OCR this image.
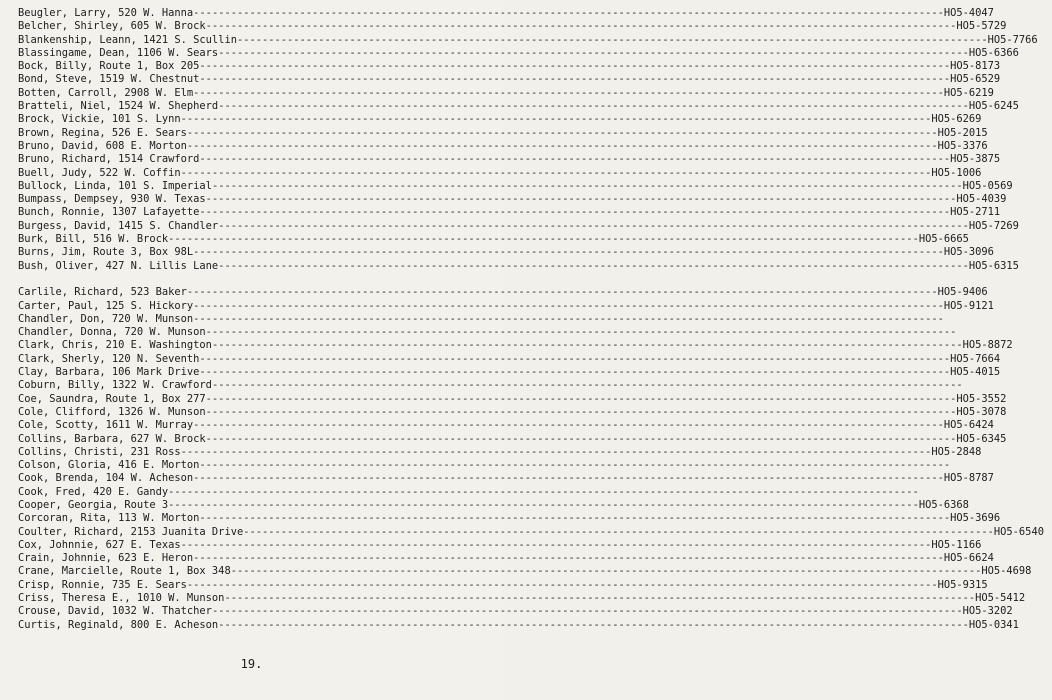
Beugler, Larry, 520 W. Hanna ------------------------------------------------------------------------------------------------------------------------ HO5-4047
Belcher, Shirley, 605 W. Brock ------------------------------------------------------------------------------------------------------------------------ HO5-5729
Blankenship, Leann, 1421 S. Scullin ------------------------------------------------------------------------------------------------------------------------ HO5-7766
Blassingame, Dean, 1106 W. Sears ------------------------------------------------------------------------------------------------------------------------ HO5-6366
Bock, Billy, Route 1, Box 205 ------------------------------------------------------------------------------------------------------------------------ HO5-8173
Bond, Steve, 1519 W. Chestnut ------------------------------------------------------------------------------------------------------------------------ HO5-6529
Botten, Carroll, 2908 W. Elm ------------------------------------------------------------------------------------------------------------------------ HO5-6219
Bratteli, Niel, 1524 W. Shepherd ------------------------------------------------------------------------------------------------------------------------ HO5-6245
Brock, Vickie, 101 S. Lynn ------------------------------------------------------------------------------------------------------------------------ HO5-6269
Brown, Regina, 526 E. Sears ------------------------------------------------------------------------------------------------------------------------ HO5-2015
Bruno, David, 608 E. Morton ------------------------------------------------------------------------------------------------------------------------ HO5-3376
Bruno, Richard, 1514 Crawford ------------------------------------------------------------------------------------------------------------------------ HO5-3875
Buell, Judy, 522 W. Coffin ------------------------------------------------------------------------------------------------------------------------ HO5-1006
Bullock, Linda, 101 S. Imperial ------------------------------------------------------------------------------------------------------------------------ HO5-0569
Bumpass, Dempsey, 930 W. Texas ------------------------------------------------------------------------------------------------------------------------ HO5-4039
Bunch, Ronnie, 1307 Lafayette ------------------------------------------------------------------------------------------------------------------------ HO5-2711
Burgess, David, 1415 S. Chandler ------------------------------------------------------------------------------------------------------------------------ HO5-7269
Burk, Bill, 516 W. Brock ------------------------------------------------------------------------------------------------------------------------ HO5-6665
Burns, Jim, Route 3, Box 98L ------------------------------------------------------------------------------------------------------------------------ HO5-3096
Bush, Oliver, 427 N. Lillis Lane ------------------------------------------------------------------------------------------------------------------------ HO5-6315
Carlile, Richard, 523 Baker ------------------------------------------------------------------------------------------------------------------------ HO5-9406
Carter, Paul, 125 S. Hickory ------------------------------------------------------------------------------------------------------------------------ HO5-9121
Chandler, Don, 720 W. Munson ------------------------------------------------------------------------------------------------------------------------
Chandler, Donna, 720 W. Munson ------------------------------------------------------------------------------------------------------------------------
Clark, Chris, 210 E. Washington ------------------------------------------------------------------------------------------------------------------------ HO5-8872
Clark, Sherly, 120 N. Seventh ------------------------------------------------------------------------------------------------------------------------ HO5-7664
Clay, Barbara, 106 Mark Drive ------------------------------------------------------------------------------------------------------------------------ HO5-4015
Coburn, Billy, 1322 W. Crawford ------------------------------------------------------------------------------------------------------------------------
Coe, Saundra, Route 1, Box 277 ------------------------------------------------------------------------------------------------------------------------ HO5-3552
Cole, Clifford, 1326 W. Munson ------------------------------------------------------------------------------------------------------------------------ HO5-3078
Cole, Scotty, 1611 W. Murray ------------------------------------------------------------------------------------------------------------------------ HO5-6424
Collins, Barbara, 627 W. Brock ------------------------------------------------------------------------------------------------------------------------ HO5-6345
Collins, Christi, 231 Ross ------------------------------------------------------------------------------------------------------------------------ HO5-2848
Colson, Gloria, 416 E. Morton ------------------------------------------------------------------------------------------------------------------------
Cook, Brenda, 104 W. Acheson ------------------------------------------------------------------------------------------------------------------------ HO5-8787
Cook, Fred, 420 E. Gandy ------------------------------------------------------------------------------------------------------------------------
Cooper, Georgia, Route 3 ------------------------------------------------------------------------------------------------------------------------ HO5-6368
Corcoran, Rita, 113 W. Morton ------------------------------------------------------------------------------------------------------------------------ HO5-3696
Coulter, Richard, 2153 Juanita Drive ------------------------------------------------------------------------------------------------------------------------ HO5-6540
Cox, Johnnie, 627 E. Texas ------------------------------------------------------------------------------------------------------------------------ HO5-1166
Crain, Johnnie, 623 E. Heron ------------------------------------------------------------------------------------------------------------------------ HO5-6624
Crane, Marcielle, Route 1, Box 348 ------------------------------------------------------------------------------------------------------------------------ HO5-4698
Crisp, Ronnie, 735 E. Sears ------------------------------------------------------------------------------------------------------------------------ HO5-9315
Criss, Theresa E., 1010 W. Munson ------------------------------------------------------------------------------------------------------------------------ HO5-5412
Crouse, David, 1032 W. Thatcher ------------------------------------------------------------------------------------------------------------------------ HO5-3202
Curtis, Reginald, 800 E. Acheson ------------------------------------------------------------------------------------------------------------------------ HO5-0341
19.
